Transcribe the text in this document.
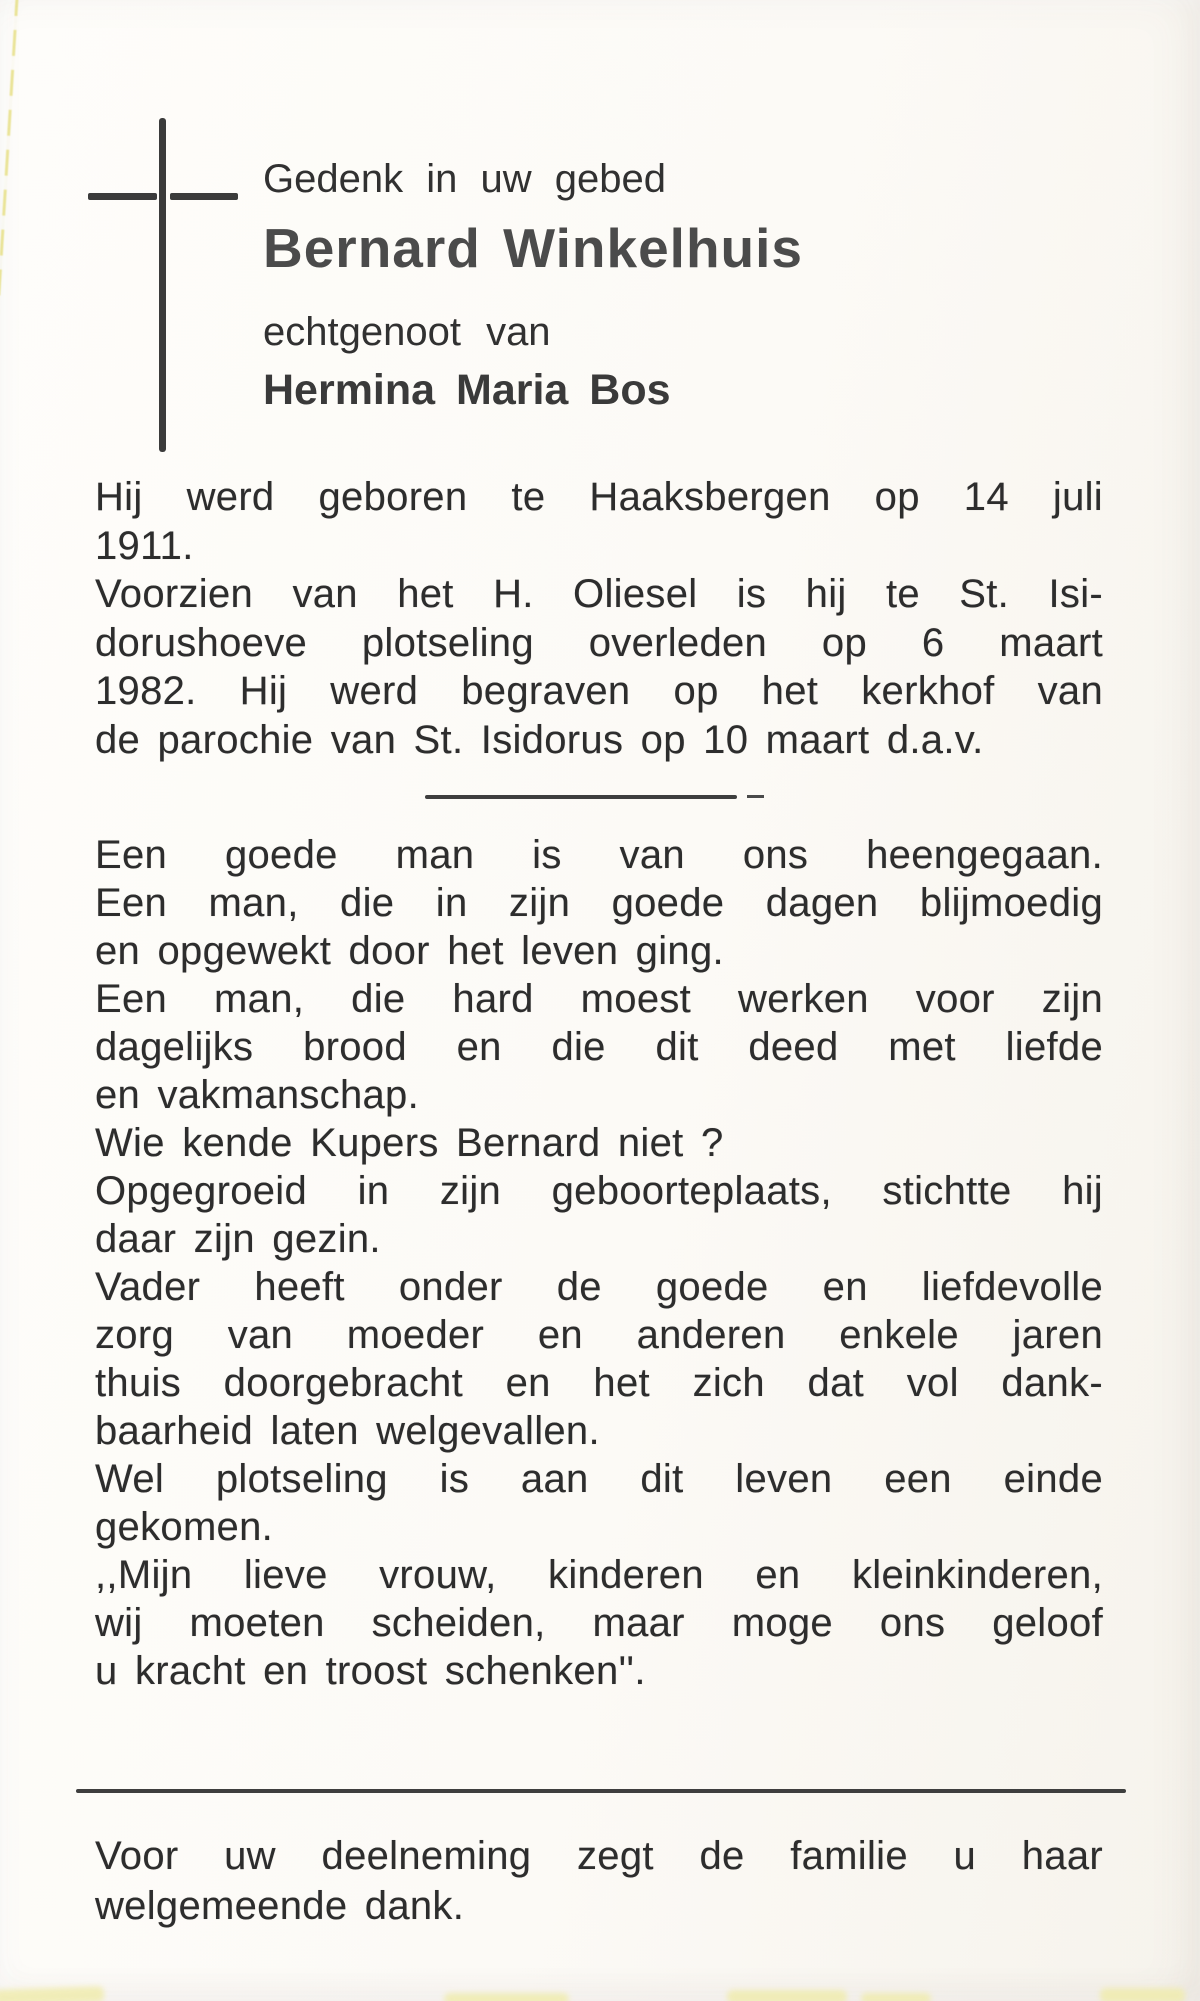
Gedenk in uw gebed
Bernard Winkelhuis
echtgenoot van
Hermina Maria Bos
Hij werd geboren te Haaksbergen op 14 juli
1911.
Voorzien van het H. Oliesel is hij te St. Isi-
dorushoeve plotseling overleden op 6 maart
1982. Hij werd begraven op het kerkhof van
de parochie van St. Isidorus op 10 maart d.a.v.
Een goede man is van ons heengegaan.
Een man, die in zijn goede dagen blijmoedig
en opgewekt door het leven ging.
Een man, die hard moest werken voor zijn
dagelijks brood en die dit deed met liefde
en vakmanschap.
Wie kende Kupers Bernard niet ?
Opgegroeid in zijn geboorteplaats, stichtte hij
daar zijn gezin.
Vader heeft onder de goede en liefdevolle
zorg van moeder en anderen enkele jaren
thuis doorgebracht en het zich dat vol dank-
baarheid laten welgevallen.
Wel plotseling is aan dit leven een einde
gekomen.
,,Mijn lieve vrouw, kinderen en kleinkinderen,
wij moeten scheiden, maar moge ons geloof
u kracht en troost schenken''.
Voor uw deelneming zegt de familie u haar
welgemeende dank.
